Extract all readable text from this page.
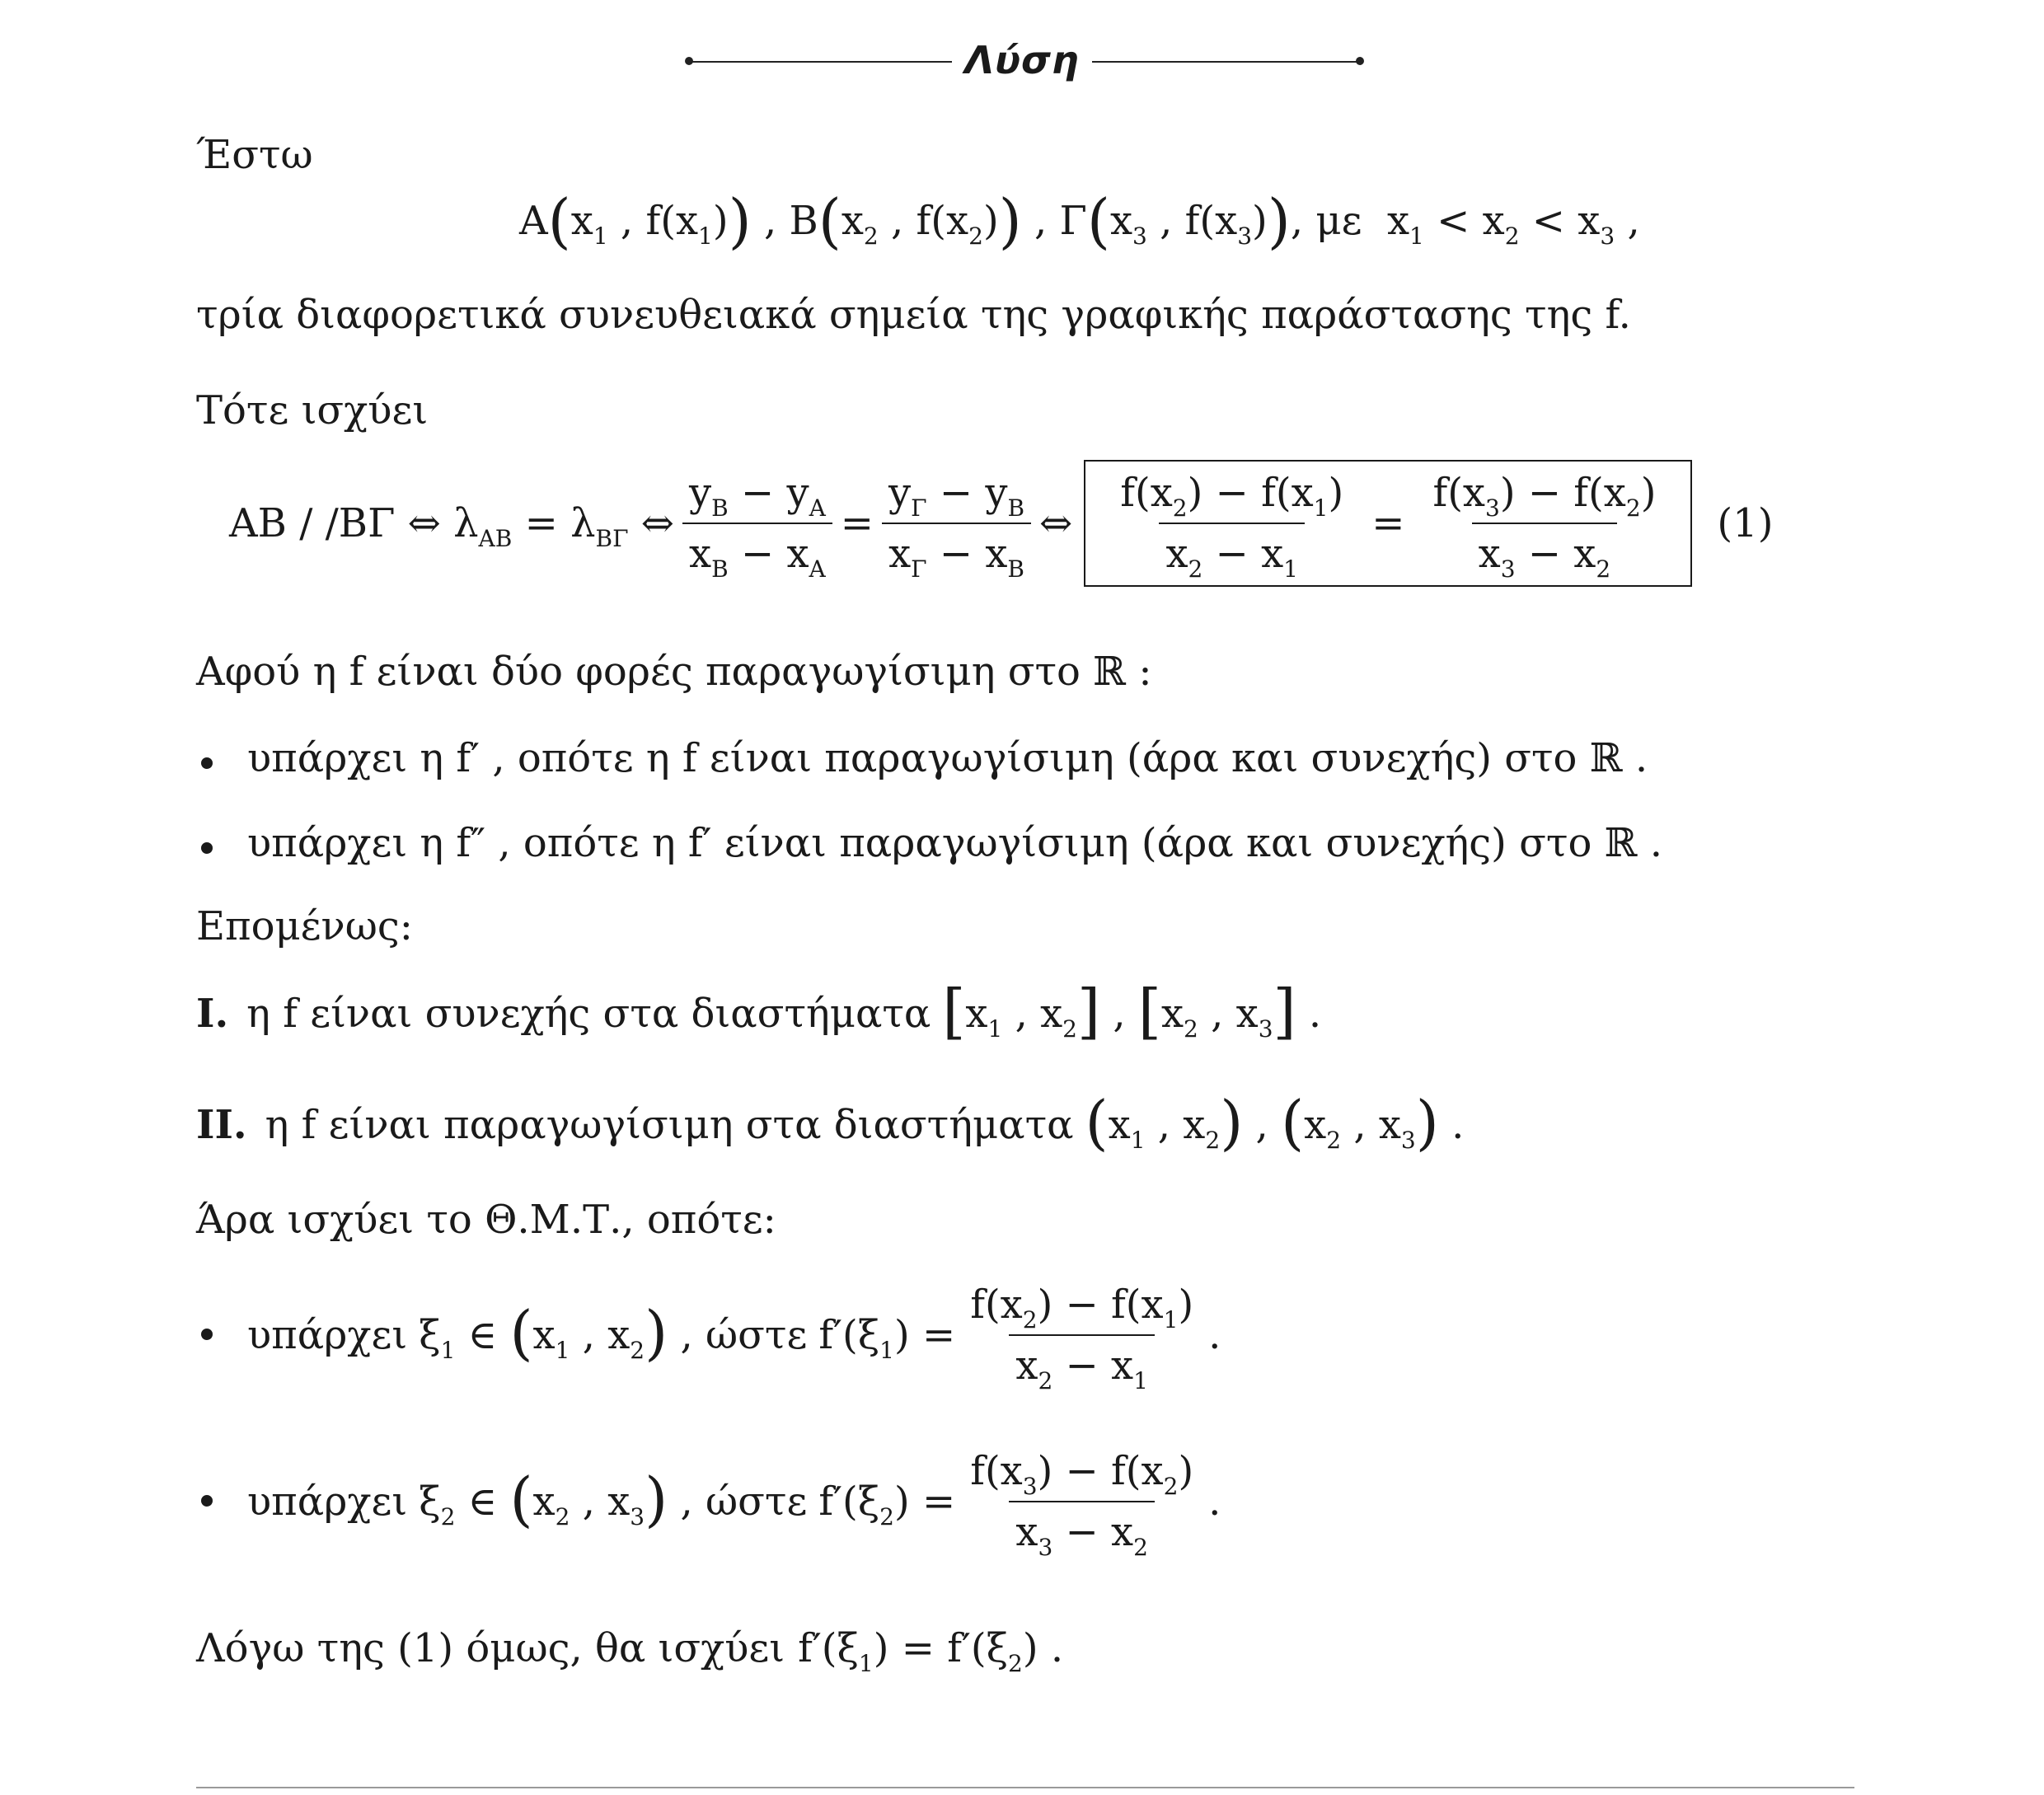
Λύση
Έστω
A ( $x_1$ , $f(x_1)$ ) , B ( $x_2$ , $f(x_2)$ ) , Γ ( $x_3$ , $f(x_3)$ ) , με $x_1 < x_2 < x_3$ ,
τρία διαφορετικά συνευθειακά σημεία της γραφικής παράστασης της f.
Τότε ισχύει
AB / /BΓ ⇔ $\lambda_{AB} = \lambda_{B\Gamma}$ ⇔ $\frac{y_B - y_A}{x_B - x_A} = \frac{y_\Gamma - y_B}{x_\Gamma - x_B}$ ⇔ $\frac{f(x_2) - f(x_1)}{x_2 - x_1} = \frac{f(x_3) - f(x_2)}{x_3 - x_2} (1)$
Αφού η f είναι δύο φορές παραγωγίσιμη στο ℝ :
υπάρχει η f′ , οπότε η f είναι παραγωγίσιμη (άρα και συνεχής) στο ℝ .
υπάρχει η f″ , οπότε η f′ είναι παραγωγίσιμη (άρα και συνεχής) στο ℝ .
Επομένως:
I. η f είναι συνεχής στα διαστήματα [$x_1$ , $x_2$] , [$x_2$ , $x_3$] .
II. η f είναι παραγωγίσιμη στα διαστήματα ($x_1$ , $x_2$) , ($x_2$ , $x_3$) .
Άρα ισχύει το Θ.Μ.Τ., οπότε:
υπάρχει $\xi_1$ ∈ ($x_1$ , $x_2$) , ώστε $f'(\xi_1) = \frac{f(x_2) - f(x_1)}{x_2 - x_1}$ .
υπάρχει $\xi_2$ ∈ ($x_2$ , $x_3$) , ώστε $f'(\xi_2) = \frac{f(x_3) - f(x_2)}{x_3 - x_2}$ .
Λόγω της (1) όμως, θα ισχύει $f'(\xi_1) = f'(\xi_2)$ .
